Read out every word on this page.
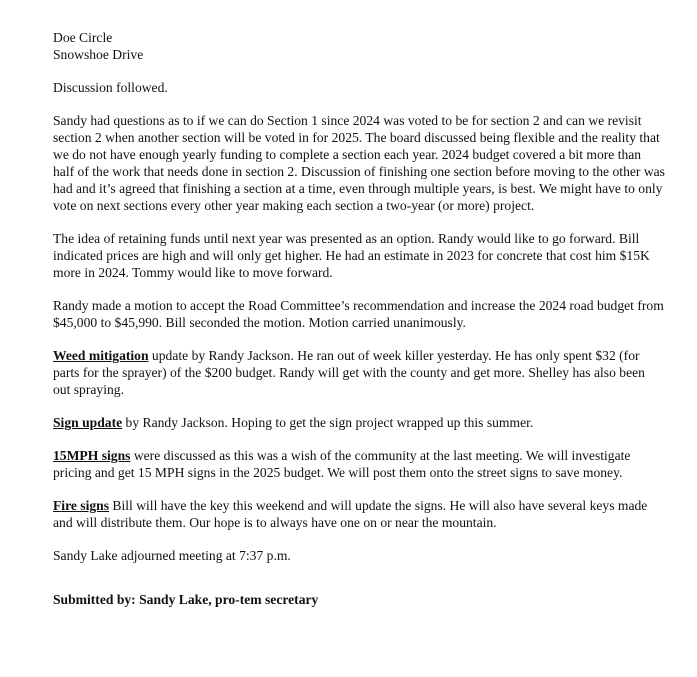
Doe Circle

Snowshoe Drive

Discussion followed.

Sandy had questions as to if we can do Section 1 since 2024 was voted to be for section 2 and can we revisit section 2 when another section will be voted in for 2025. The board discussed being flexible and the reality that we do not have enough yearly funding to complete a section each year. 2024 budget covered a bit more than half of the work that needs done in section 2. Discussion of finishing one section before moving to the other was had and it’s agreed that finishing a section at a time, even through multiple years, is best. We might have to only vote on next sections every other year making each section a two-year (or more) project.

The idea of retaining funds until next year was presented as an option. Randy would like to go forward. Bill indicated prices are high and will only get higher. He had an estimate in 2023 for concrete that cost him $15K more in 2024. Tommy would like to move forward.

Randy made a motion to accept the Road Committee’s recommendation and increase the 2024 road budget from $45,000 to $45,990. Bill seconded the motion. Motion carried unanimously.

Weed mitigation update by Randy Jackson. He ran out of week killer yesterday. He has only spent $32 (for parts for the sprayer) of the $200 budget. Randy will get with the county and get more. Shelley has also been out spraying.

Sign update by Randy Jackson. Hoping to get the sign project wrapped up this summer.

15MPH signs were discussed as this was a wish of the community at the last meeting. We will investigate pricing and get 15 MPH signs in the 2025 budget. We will post them onto the street signs to save money.

Fire signs Bill will have the key this weekend and will update the signs. He will also have several keys made and will distribute them. Our hope is to always have one on or near the mountain.

Sandy Lake adjourned meeting at 7:37 p.m.

Submitted by: Sandy Lake, pro-tem secretary
